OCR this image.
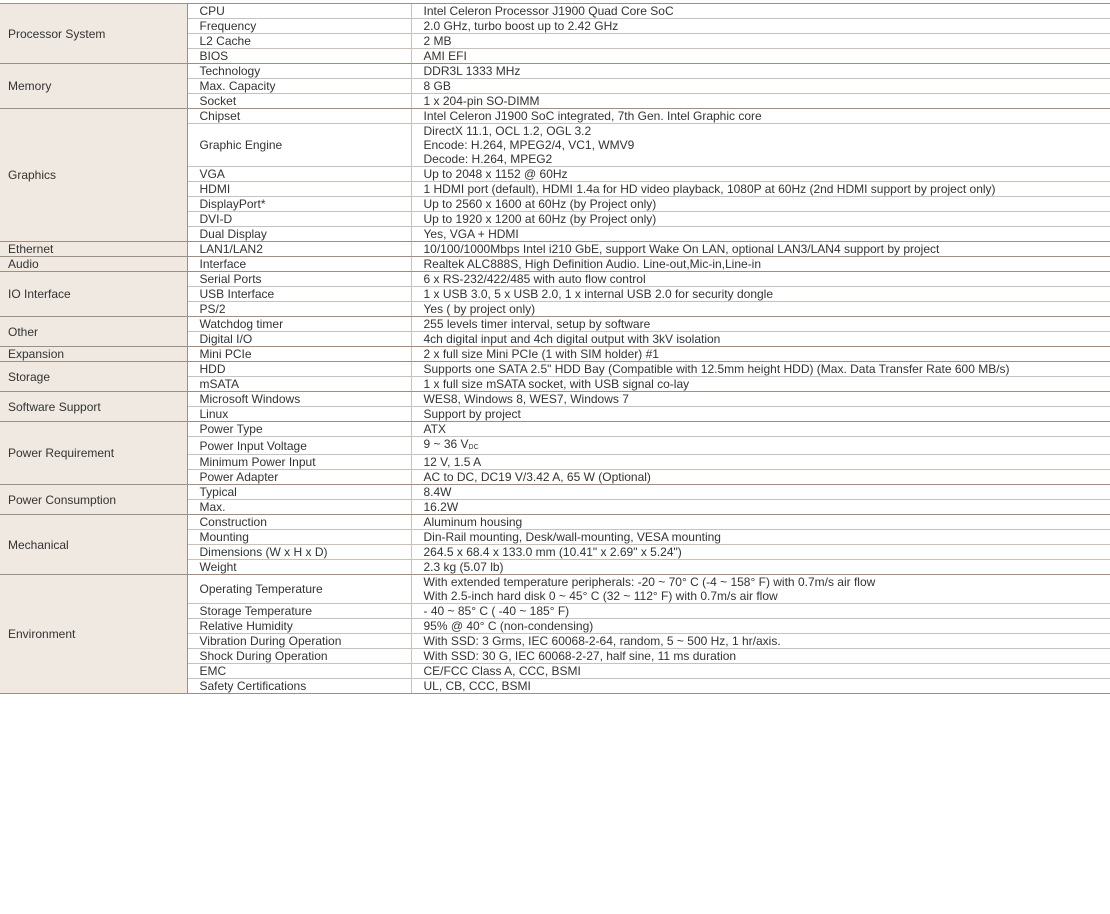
Processor System	CPU	Intel Celeron Processor J1900 Quad Core SoC

	Frequency	2.0 GHz, turbo boost up to 2.42 GHz

	L2 Cache	2 MB

	BIOS	AMI EFI

Memory	Technology	DDR3L 1333 MHz

	Max. Capacity	8 GB

	Socket	1 x 204-pin SO-DIMM

Graphics	Chipset	Intel Celeron J1900 SoC integrated, 7th Gen. Intel Graphic core

	Graphic Engine	DirectX 11.1, OCL 1.2, OGL 3.2
Encode: H.264, MPEG2/4, VC1, WMV9
Decode: H.264, MPEG2

	VGA	Up to 2048 x 1152 @ 60Hz

	HDMI	1 HDMI port (default), HDMI 1.4a for HD video playback, 1080P at 60Hz (2nd HDMI support by project only)

	DisplayPort*	Up to 2560 x 1600 at 60Hz (by Project only)

	DVI-D	Up to 1920 x 1200 at 60Hz (by Project only)

	Dual Display	Yes, VGA + HDMI

Ethernet	LAN1/LAN2	10/100/1000Mbps Intel i210 GbE, support Wake On LAN, optional LAN3/LAN4 support by project

Audio	Interface	Realtek ALC888S, High Definition Audio. Line-out,Mic-in,Line-in

IO Interface	Serial Ports	6 x RS-232/422/485 with auto flow control

	USB Interface	1 x USB 3.0, 5 x USB 2.0, 1 x internal USB 2.0 for security dongle

	PS/2	Yes ( by project only)

Other	Watchdog timer	255 levels timer interval, setup by software

	Digital I/O	4ch digital input and 4ch digital output with 3kV isolation

Expansion	Mini PCIe	2 x full size Mini PCIe (1 with SIM holder) #1

Storage	HDD	Supports one SATA 2.5" HDD Bay (Compatible with 12.5mm height HDD) (Max. Data Transfer Rate 600 MB/s)

	mSATA	1 x full size mSATA socket, with USB signal co-lay

Software Support	Microsoft Windows	WES8, Windows 8, WES7, Windows 7

	Linux	Support by project

Power Requirement	Power Type	ATX

	Power Input Voltage	9 ~ 36 $V_{DC}$

	Minimum Power Input	12 V, 1.5 A

	Power Adapter	AC to DC, DC19 V/3.42 A, 65 W (Optional)

Power Consumption	Typical	8.4W

	Max.	16.2W

Mechanical	Construction	Aluminum housing

	Mounting	Din-Rail mounting, Desk/wall-mounting, VESA mounting

	Dimensions (W x H x D)	264.5 x 68.4 x 133.0 mm (10.41" x 2.69" x 5.24")

	Weight	2.3 kg (5.07 lb)

Environment	Operating Temperature	With extended temperature peripherals: -20 ~ 70° C (-4 ~ 158° F) with 0.7m/s air flow
With 2.5-inch hard disk 0 ~ 45° C (32 ~ 112° F) with 0.7m/s air flow

	Storage Temperature	- 40 ~ 85° C ( -40 ~ 185° F)

	Relative Humidity	95% @ 40° C (non-condensing)

	Vibration During Operation	With SSD: 3 Grms, IEC 60068-2-64, random, 5 ~ 500 Hz, 1 hr/axis.

	Shock During Operation	With SSD: 30 G, IEC 60068-2-27, half sine, 11 ms duration

	EMC	CE/FCC Class A, CCC, BSMI

	Safety Certifications	UL, CB, CCC, BSMI
